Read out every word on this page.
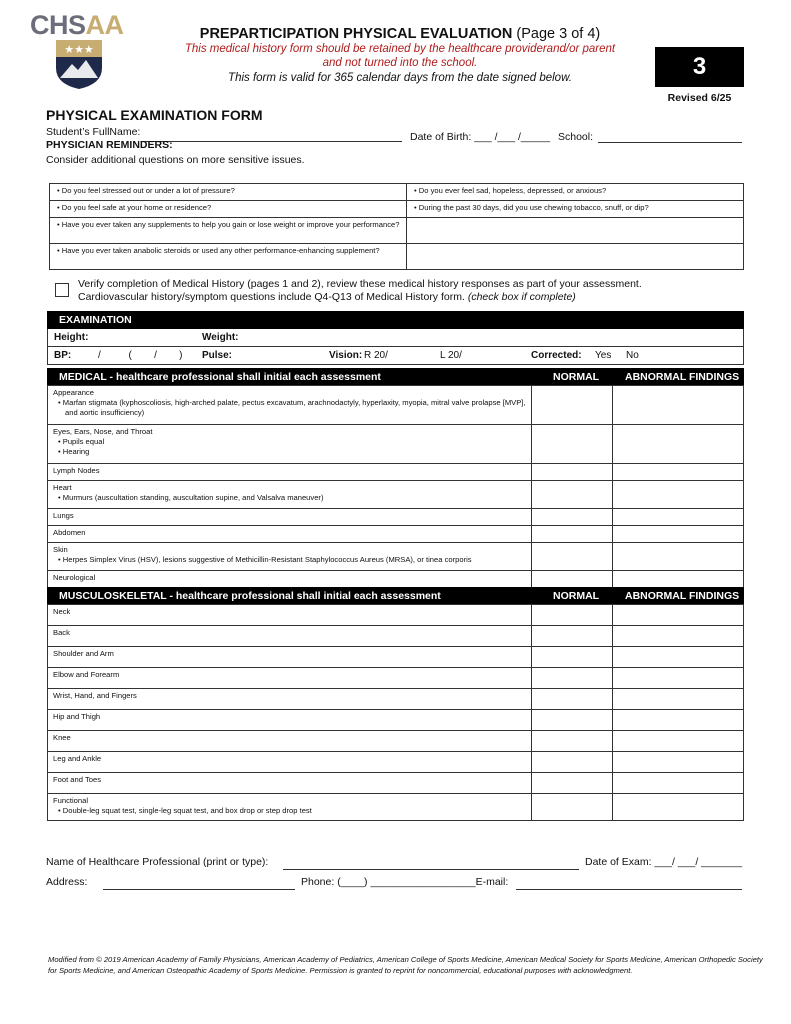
CHSAA
★★★
PREPARTICIPATION PHYSICAL EVALUATION (Page 3 of 4)
This medical history form should be retained by the healthcare providerand/or parent
and not turned into the school.
This form is valid for 365 calendar days from the date signed below.	3
Revised 6/25
PHYSICAL EXAMINATION FORM
Student’s FullName:	Date of Birth: ___ /___ /_____ School:
PHYSICIAN REMINDERS:
Consider additional questions on more sensitive issues.
• Do you feel stressed out or under a lot of pressure?	• Do you ever feel sad, hopeless, depressed, or anxious?
• Do you feel safe at your home or residence?	• During the past 30 days, did you use chewing tobacco, snuff, or dip?
• Have you ever taken any supplements to help you gain or lose weight or improve your performance?	
• Have you ever taken anabolic steroids or used any other performance-enhancing supplement?	
Verify completion of Medical History (pages 1 and 2), review these medical history responses as part of your assessment.
Cardiovascular history/symptom questions include Q4-Q13 of Medical History form. (check box if complete)
EXAMINATION
Height:	Weight:
BP:	/          (        /        ) Pulse:	Vision: R 20/	L 20/	Corrected: Yes No
MEDICAL - healthcare professional shall initial each assessment	NORMAL ABNORMAL FINDINGS
Appearance
• Marfan stigmata (kyphoscoliosis, high-arched palate, pectus excavatum, arachnodactyly, hyperlaxity, myopia, mitral valve prolapse [MVP], and aortic insufficiency)		

Eyes, Ears, Nose, and Throat
• Pupils equal
• Hearing		

Lymph Nodes		

Heart
• Murmurs (auscultation standing, auscultation supine, and Valsalva maneuver)		

Lungs		

Abdomen		

Skin
• Herpes Simplex Virus (HSV), lesions suggestive of Methicillin-Resistant Staphylococcus Aureus (MRSA), or tinea corporis		

Neurological		

MUSCULOSKELETAL - healthcare professional shall initial each assessment	NORMAL ABNORMAL FINDINGS
Neck		

Back		

Shoulder and Arm		

Elbow and Forearm		

Wrist, Hand, and Fingers		

Hip and Thigh		

Knee		

Leg and Ankle		

Foot and Toes		

Functional
• Double-leg squat test, single-leg squat test, and box drop or step drop test		

Name of Healthcare Professional (print or type):	Date of Exam: ___/ ___/ _______
Address:	Phone: (____) __________________E-mail:
Modified from © 2019 American Academy of Family Physicians, American Academy of Pediatrics, American College of Sports Medicine, American Medical Society for Sports Medicine, American Orthopedic Society for Sports Medicine, and American Osteopathic Academy of Sports Medicine. Permission is granted to reprint for noncommercial, educational purposes with acknowledgment.
